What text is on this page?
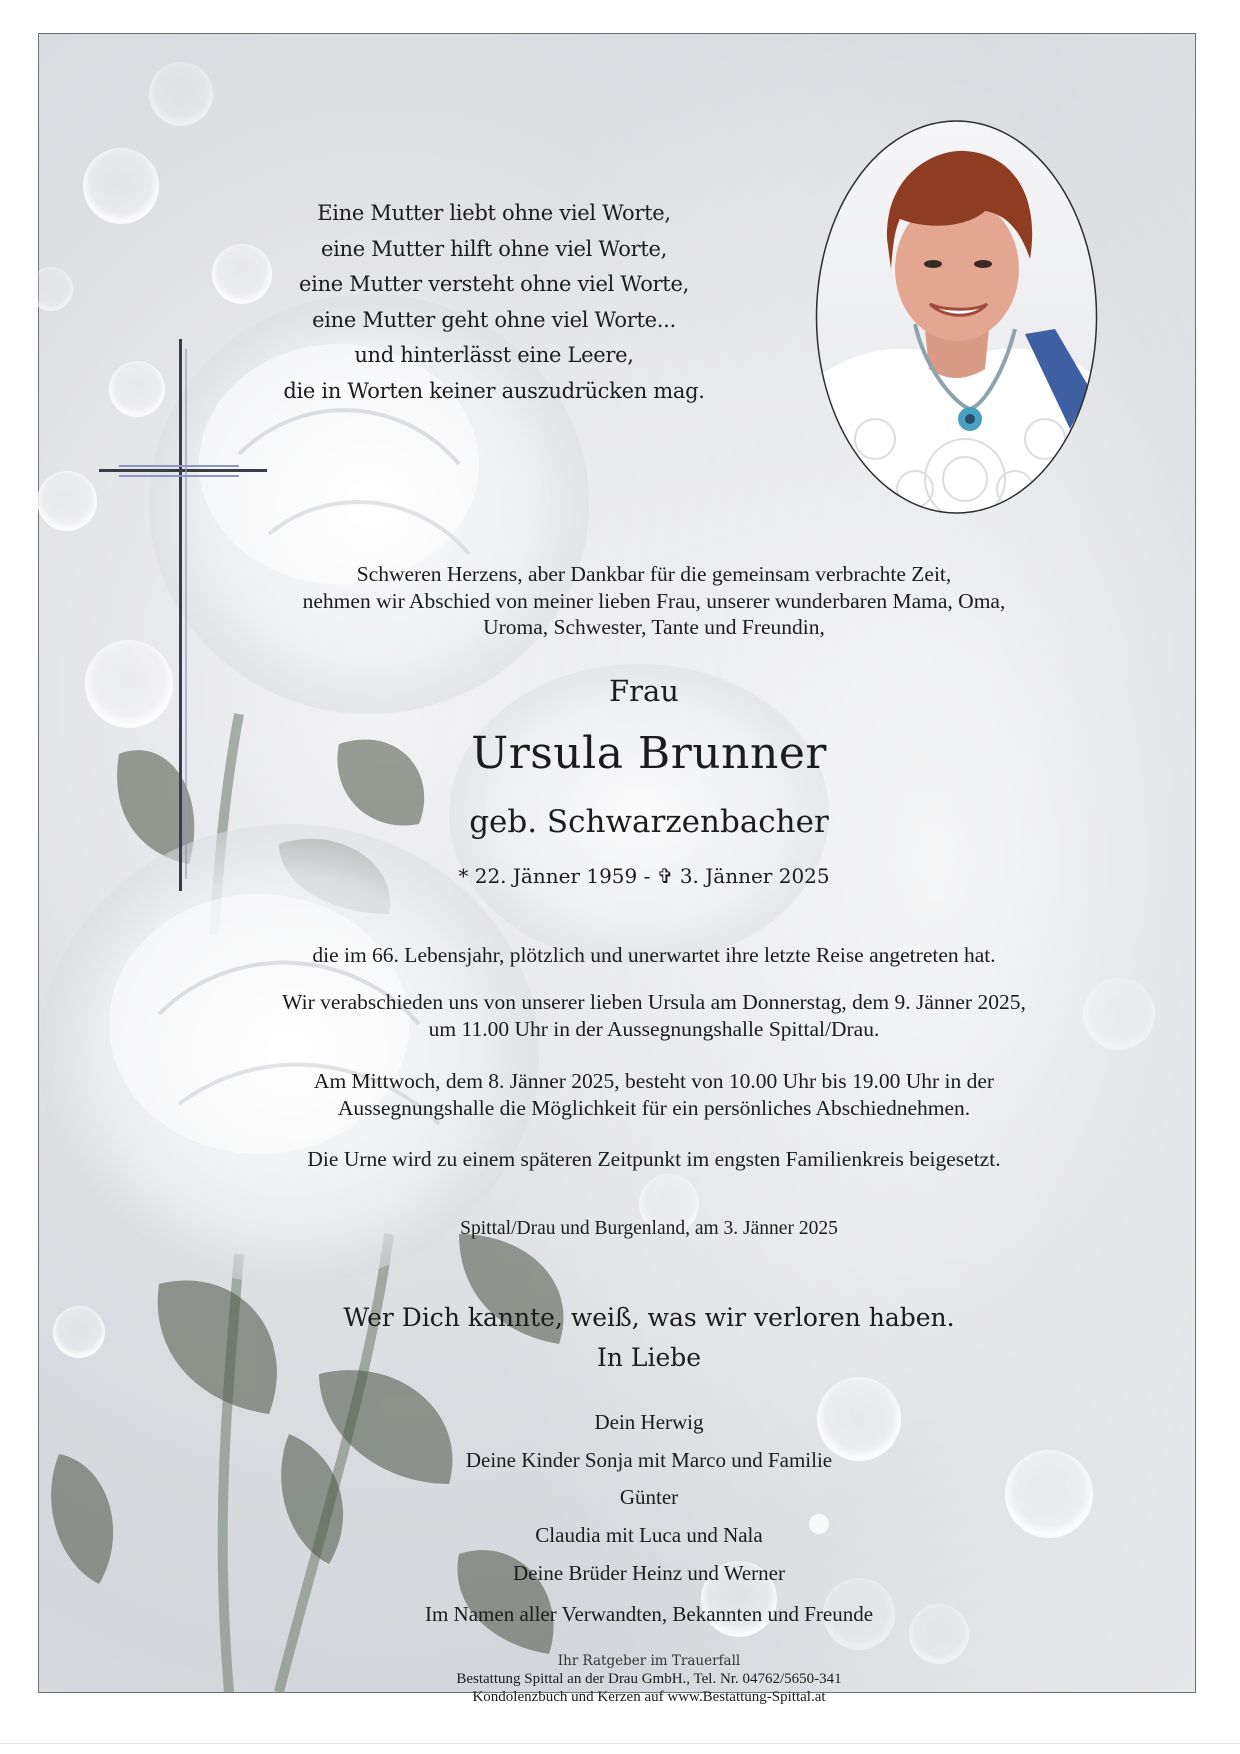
Eine Mutter liebt ohne viel Worte,
eine Mutter hilft ohne viel Worte,
eine Mutter versteht ohne viel Worte,
eine Mutter geht ohne viel Worte...
und hinterlässt eine Leere,
die in Worten keiner auszudrücken mag.
Schweren Herzens, aber Dankbar für die gemeinsam verbrachte Zeit,
nehmen wir Abschied von meiner lieben Frau, unserer wunderbaren Mama, Oma,
Uroma, Schwester, Tante und Freundin,
Frau
Ursula Brunner
geb. Schwarzenbacher
* 22. Jänner 1959 - ✞ 3. Jänner 2025
die im 66. Lebensjahr, plötzlich und unerwartet ihre letzte Reise angetreten hat.
Wir verabschieden uns von unserer lieben Ursula am Donnerstag, dem 9. Jänner 2025,
um 11.00 Uhr in der Aussegnungshalle Spittal/Drau.
Am Mittwoch, dem 8. Jänner 2025, besteht von 10.00 Uhr bis 19.00 Uhr in der
Aussegnungshalle die Möglichkeit für ein persönliches Abschiednehmen.
Die Urne wird zu einem späteren Zeitpunkt im engsten Familienkreis beigesetzt.
Spittal/Drau und Burgenland, am 3. Jänner 2025
Wer Dich kannte, weiß, was wir verloren haben.
In Liebe
Dein Herwig
Deine Kinder Sonja mit Marco und Familie
Günter
Claudia mit Luca und Nala
Deine Brüder Heinz und Werner
Im Namen aller Verwandten, Bekannten und Freunde
Ihr Ratgeber im Trauerfall
Bestattung Spittal an der Drau GmbH., Tel. Nr. 04762/5650-341
Kondolenzbuch und Kerzen auf www.Bestattung-Spittal.at
